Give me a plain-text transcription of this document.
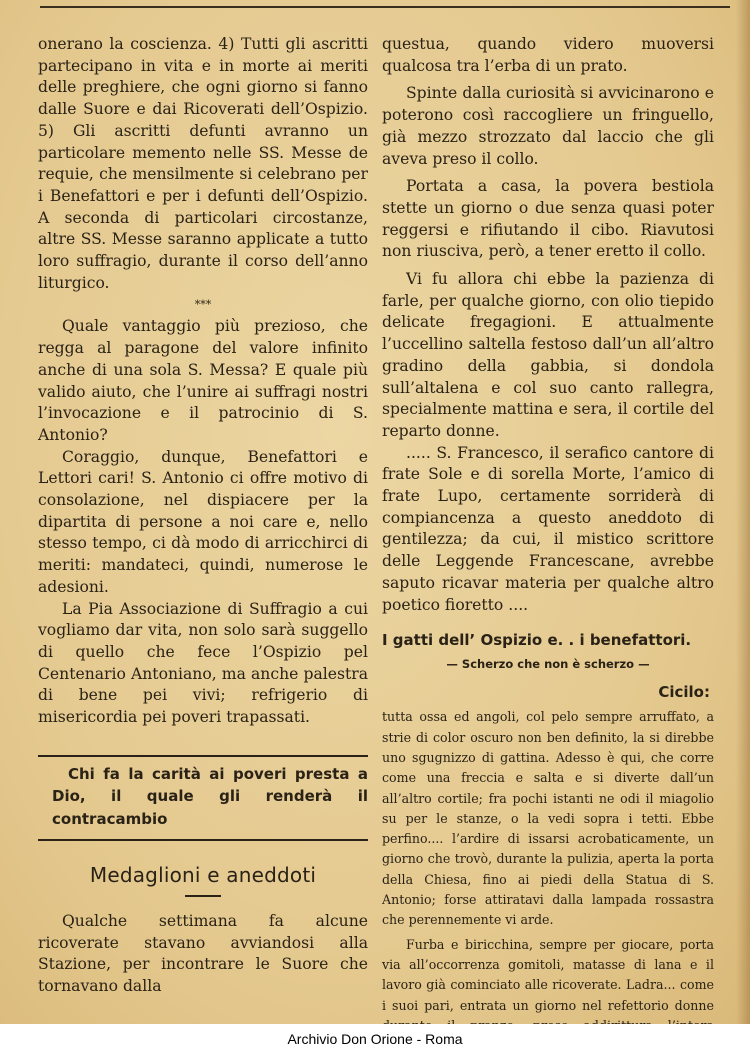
onerano la coscienza. 4) Tutti gli ascritti partecipano in vita e in morte ai meriti delle preghiere, che ogni giorno si fanno dalle Suore e dai Ricoverati dell’Ospizio. 5) Gli ascritti defunti avranno un particolare memento nelle SS. Messe de requie, che mensilmente si celebrano per i Benefattori e per i defunti dell’Ospizio. A seconda di particolari circostanze, altre SS. Messe saranno applicate a tutto loro suffragio, durante il corso dell’anno liturgico.

***

Quale vantaggio più prezioso, che regga al paragone del valore infinito anche di una sola S. Messa? E quale più valido aiuto, che l’unire ai suffragi nostri l’invocazione e il patrocinio di S. Antonio?

Coraggio, dunque, Benefattori e Lettori cari! S. Antonio ci offre motivo di consolazione, nel dispiacere per la dipartita di persone a noi care e, nello stesso tempo, ci dà modo di arricchirci di meriti: mandateci, quindi, numerose le adesioni.

La Pia Associazione di Suffragio a cui vogliamo dar vita, non solo sarà suggello di quello che fece l’Ospizio pel Centenario Antoniano, ma anche palestra di bene pei vivi; refrigerio di misericordia pei poveri trapassati.

Chi fa la carità ai poveri presta a Dio, il quale gli renderà il contracambio

Medaglioni e aneddoti

Qualche settimana fa alcune ricoverate stavano avviandosi alla Stazione, per incontrare le Suore che tornavano dalla

questua, quando videro muoversi qualcosa tra l’erba di un prato.

Spinte dalla curiosità si avvicinarono e poterono così raccogliere un fringuello, già mezzo strozzato dal laccio che gli aveva preso il collo.

Portata a casa, la povera bestiola stette un giorno o due senza quasi poter reggersi e rifiutando il cibo. Riavutosi non riusciva, però, a tener eretto il collo.

Vi fu allora chi ebbe la pazienza di farle, per qualche giorno, con olio tiepido delicate fregagioni. E attualmente l’uccellino saltella festoso dall’un all’altro gradino della gabbia, si dondola sull’altalena e col suo canto rallegra, specialmente mattina e sera, il cortile del reparto donne.

..... S. Francesco, il serafico cantore di frate Sole e di sorella Morte, l’amico di frate Lupo, certamente sorriderà di compiancenza a questo aneddoto di gentilezza; da cui, il mistico scrittore delle Leggende Francescane, avrebbe saputo ricavar materia per qualche altro poetico fioretto ....

I gatti dell’ Ospizio e. . i benefattori.
— Scherzo che non è scherzo —
Cicilo:

tutta ossa ed angoli, col pelo sempre arruffato, a strie di color oscuro non ben definito, la si direbbe uno sgugnizzo di gattina. Adesso è qui, che corre come una freccia e salta e si diverte dall’un all’altro cortile; fra pochi istanti ne odi il miagolio su per le stanze, o la vedi sopra i tetti. Ebbe perfino.... l’ardire di issarsi acrobaticamente, un giorno che trovò, durante la pulizia, aperta la porta della Chiesa, fino ai piedi della Statua di S. Antonio; forse attiratavi dalla lampada rossastra che perennemente vi arde.

Furba e biricchina, sempre per giocare, porta via all’occorrenza gomitoli, matasse di lana e il lavoro già cominciato alle ricoverate. Ladra... come i suoi pari, entrata un giorno nel refettorio donne

Archivio Don Orione - Roma
